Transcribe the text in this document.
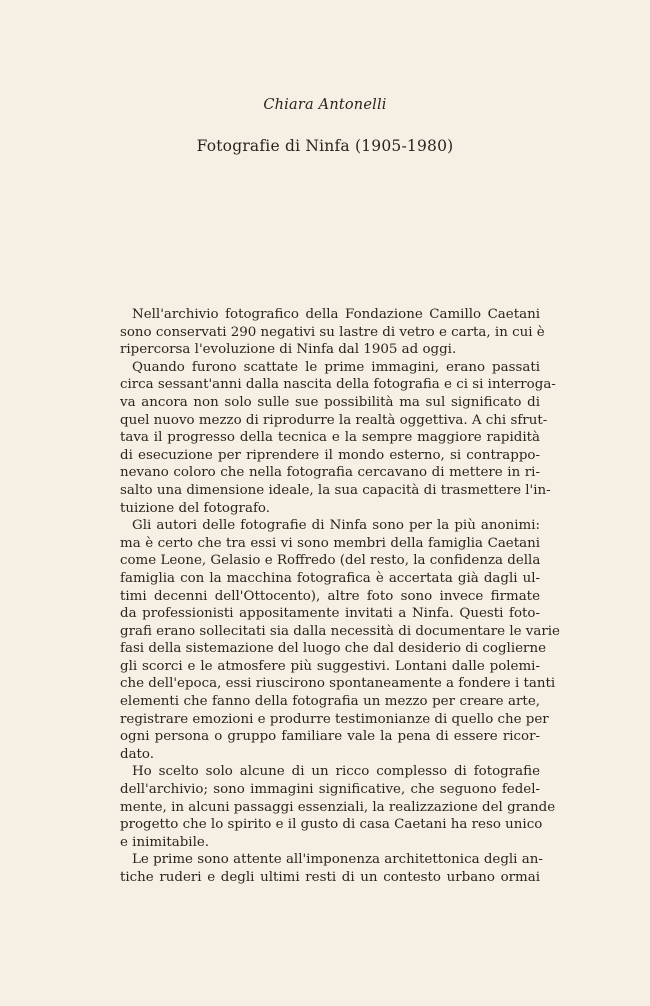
Chiara Antonelli
Fotografie di Ninfa (1905-1980)
Nell'archivio fotografico della Fondazione Camillo Caetani
sono conservati 290 negativi su lastre di vetro e carta, in cui è
ripercorsa l'evoluzione di Ninfa dal 1905 ad oggi.
Quando furono scattate le prime immagini, erano passati
circa sessant'anni dalla nascita della fotografia e ci si interroga-
va ancora non solo sulle sue possibilità ma sul significato di
quel nuovo mezzo di riprodurre la realtà oggettiva. A chi sfrut-
tava il progresso della tecnica e la sempre maggiore rapidità
di esecuzione per riprendere il mondo esterno, si contrappo-
nevano coloro che nella fotografia cercavano di mettere in ri-
salto una dimensione ideale, la sua capacità di trasmettere l'in-
tuizione del fotografo.
Gli autori delle fotografie di Ninfa sono per la più anonimi:
ma è certo che tra essi vi sono membri della famiglia Caetani
come Leone, Gelasio e Roffredo (del resto, la confidenza della
famiglia con la macchina fotografica è accertata già dagli ul-
timi decenni dell'Ottocento), altre foto sono invece firmate
da professionisti appositamente invitati a Ninfa. Questi foto-
grafi erano sollecitati sia dalla necessità di documentare le varie
fasi della sistemazione del luogo che dal desiderio di coglierne
gli scorci e le atmosfere più suggestivi. Lontani dalle polemi-
che dell'epoca, essi riuscirono spontaneamente a fondere i tanti
elementi che fanno della fotografia un mezzo per creare arte,
registrare emozioni e produrre testimonianze di quello che per
ogni persona o gruppo familiare vale la pena di essere ricor-
dato.
Ho scelto solo alcune di un ricco complesso di fotografie
dell'archivio; sono immagini significative, che seguono fedel-
mente, in alcuni passaggi essenziali, la realizzazione del grande
progetto che lo spirito e il gusto di casa Caetani ha reso unico
e inimitabile.
Le prime sono attente all'imponenza architettonica degli an-
tiche ruderi e degli ultimi resti di un contesto urbano ormai
